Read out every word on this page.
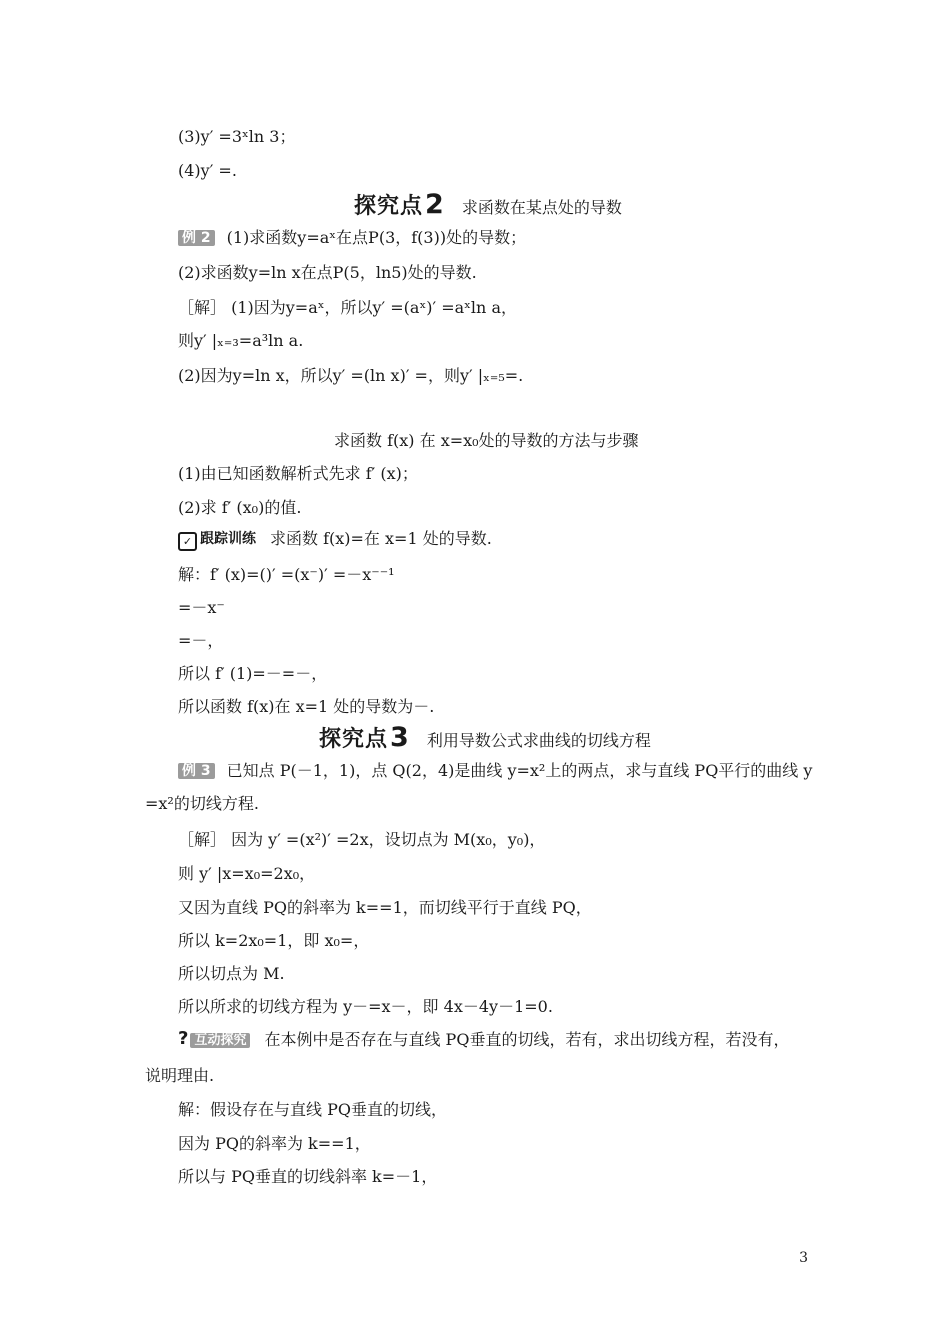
(3)y′ =3ˣln 3；
(4)y′ =.
探究点 2 求函数在某点处的导数
例 2 (1)求函数y=aˣ在点P(3，f(3))处的导数；
(2)求函数y=ln x在点P(5，ln5)处的导数.
［解］ (1)因为y=aˣ，所以y′ =(aˣ)′ =aˣln a，
则y′ |ₓ₌₃=a³ln a.
(2)因为y=ln x，所以y′ =(ln x)′ =，则y′ |ₓ₌₅=.
求函数 f(x) 在 x=x₀处的导数的方法与步骤
(1)由已知函数解析式先求 f′ (x)；
(2)求 f′ (x₀)的值.
✓ 跟踪训练 求函数 f(x)=在 x=1 处的导数.
解：f′ (x)=()′ =(x⁻)′ =－x⁻⁻¹
=－x⁻
=－，
所以 f′ (1)=－=－，
所以函数 f(x)在 x=1 处的导数为－.
探究点 3 利用导数公式求曲线的切线方程
例 3 已知点 P(－1，1)，点 Q(2，4)是曲线 y=x²上的两点，求与直线 PQ平行的曲线 y
=x²的切线方程.
［解］ 因为 y′ =(x²)′ =2x，设切点为 M(x₀，y₀)，
则 y′ |x=x₀=2x₀，
又因为直线 PQ的斜率为 k==1，而切线平行于直线 PQ，
所以 k=2x₀=1，即 x₀=，
所以切点为 M.
所以所求的切线方程为 y－=x－，即 4x－4y－1=0.
? 互动探究 在本例中是否存在与直线 PQ垂直的切线，若有，求出切线方程，若没有，
说明理由.
解：假设存在与直线 PQ垂直的切线，
因为 PQ的斜率为 k==1，
所以与 PQ垂直的切线斜率 k=－1，
3
